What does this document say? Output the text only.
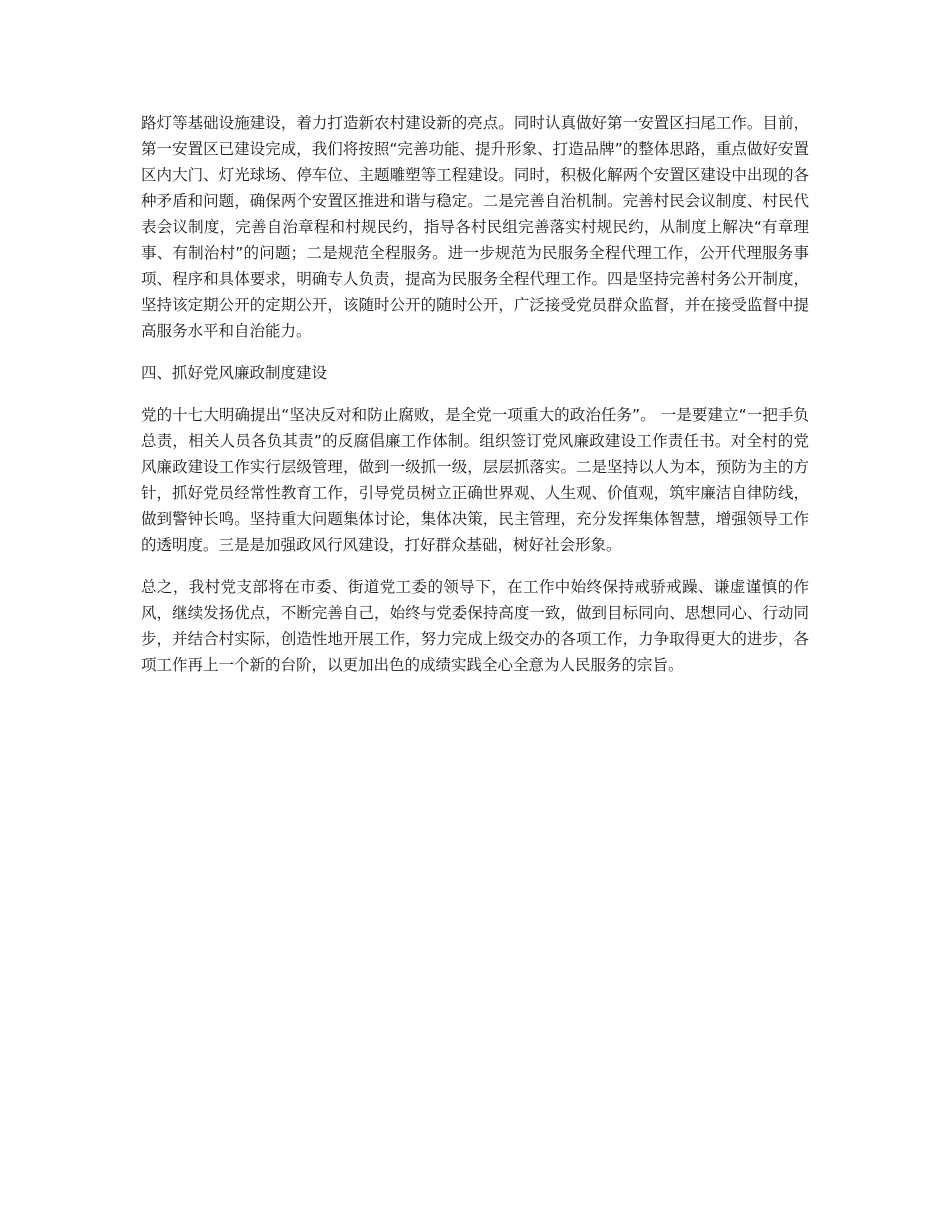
路灯等基础设施建设，着力打造新农村建设新的亮点。同时认真做好第一安置区扫尾工作。目前，第一安置区已建设完成，我们将按照“完善功能、提升形象、打造品牌”的整体思路，重点做好安置区内大门、灯光球场、停车位、主题雕塑等工程建设。同时，积极化解两个安置区建设中出现的各种矛盾和问题，确保两个安置区推进和谐与稳定。二是完善自治机制。完善村民会议制度、村民代表会议制度，完善自治章程和村规民约，指导各村民组完善落实村规民约，从制度上解决“有章理事、有制治村”的问题；二是规范全程服务。进一步规范为民服务全程代理工作，公开代理服务事项、程序和具体要求，明确专人负责，提高为民服务全程代理工作。四是坚持完善村务公开制度，坚持该定期公开的定期公开，该随时公开的随时公开，广泛接受党员群众监督，并在接受监督中提高服务水平和自治能力。

四、抓好党风廉政制度建设

党的十七大明确提出“坚决反对和防止腐败，是全党一项重大的政治任务”。 一是要建立“一把手负总责，相关人员各负其责”的反腐倡廉工作体制。组织签订党风廉政建设工作责任书。对全村的党风廉政建设工作实行层级管理，做到一级抓一级，层层抓落实。二是坚持以人为本，预防为主的方针，抓好党员经常性教育工作，引导党员树立正确世界观、人生观、价值观，筑牢廉洁自律防线，做到警钟长鸣。坚持重大问题集体讨论，集体决策，民主管理，充分发挥集体智慧，增强领导工作的透明度。三是是加强政风行风建设，打好群众基础，树好社会形象。

总之，我村党支部将在市委、街道党工委的领导下，在工作中始终保持戒骄戒躁、谦虚谨慎的作风，继续发扬优点，不断完善自己，始终与党委保持高度一致，做到目标同向、思想同心、行动同步，并结合村实际，创造性地开展工作，努力完成上级交办的各项工作，力争取得更大的进步，各项工作再上一个新的台阶，以更加出色的成绩实践全心全意为人民服务的宗旨。
